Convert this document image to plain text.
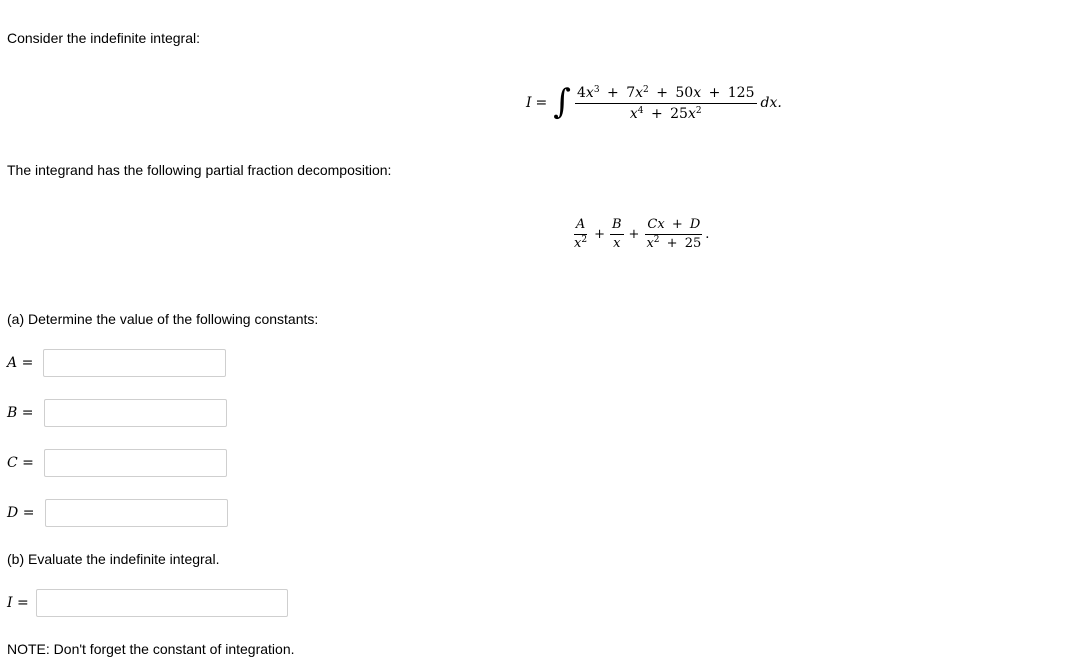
Consider the indefinite integral:
I = ∫ $\frac{4x^3 + 7x^2 + 50x + 125}{x^4 + 25x^2}$ dx.
The integrand has the following partial fraction decomposition:
$\frac{A}{x^2} + \frac{B}{x} + \frac{Cx + D}{x^2 + 25}$ .
(a) Determine the value of the following constants:
A =
B =
C =
D =
(b) Evaluate the indefinite integral.
I =
NOTE: Don't forget the constant of integration.
